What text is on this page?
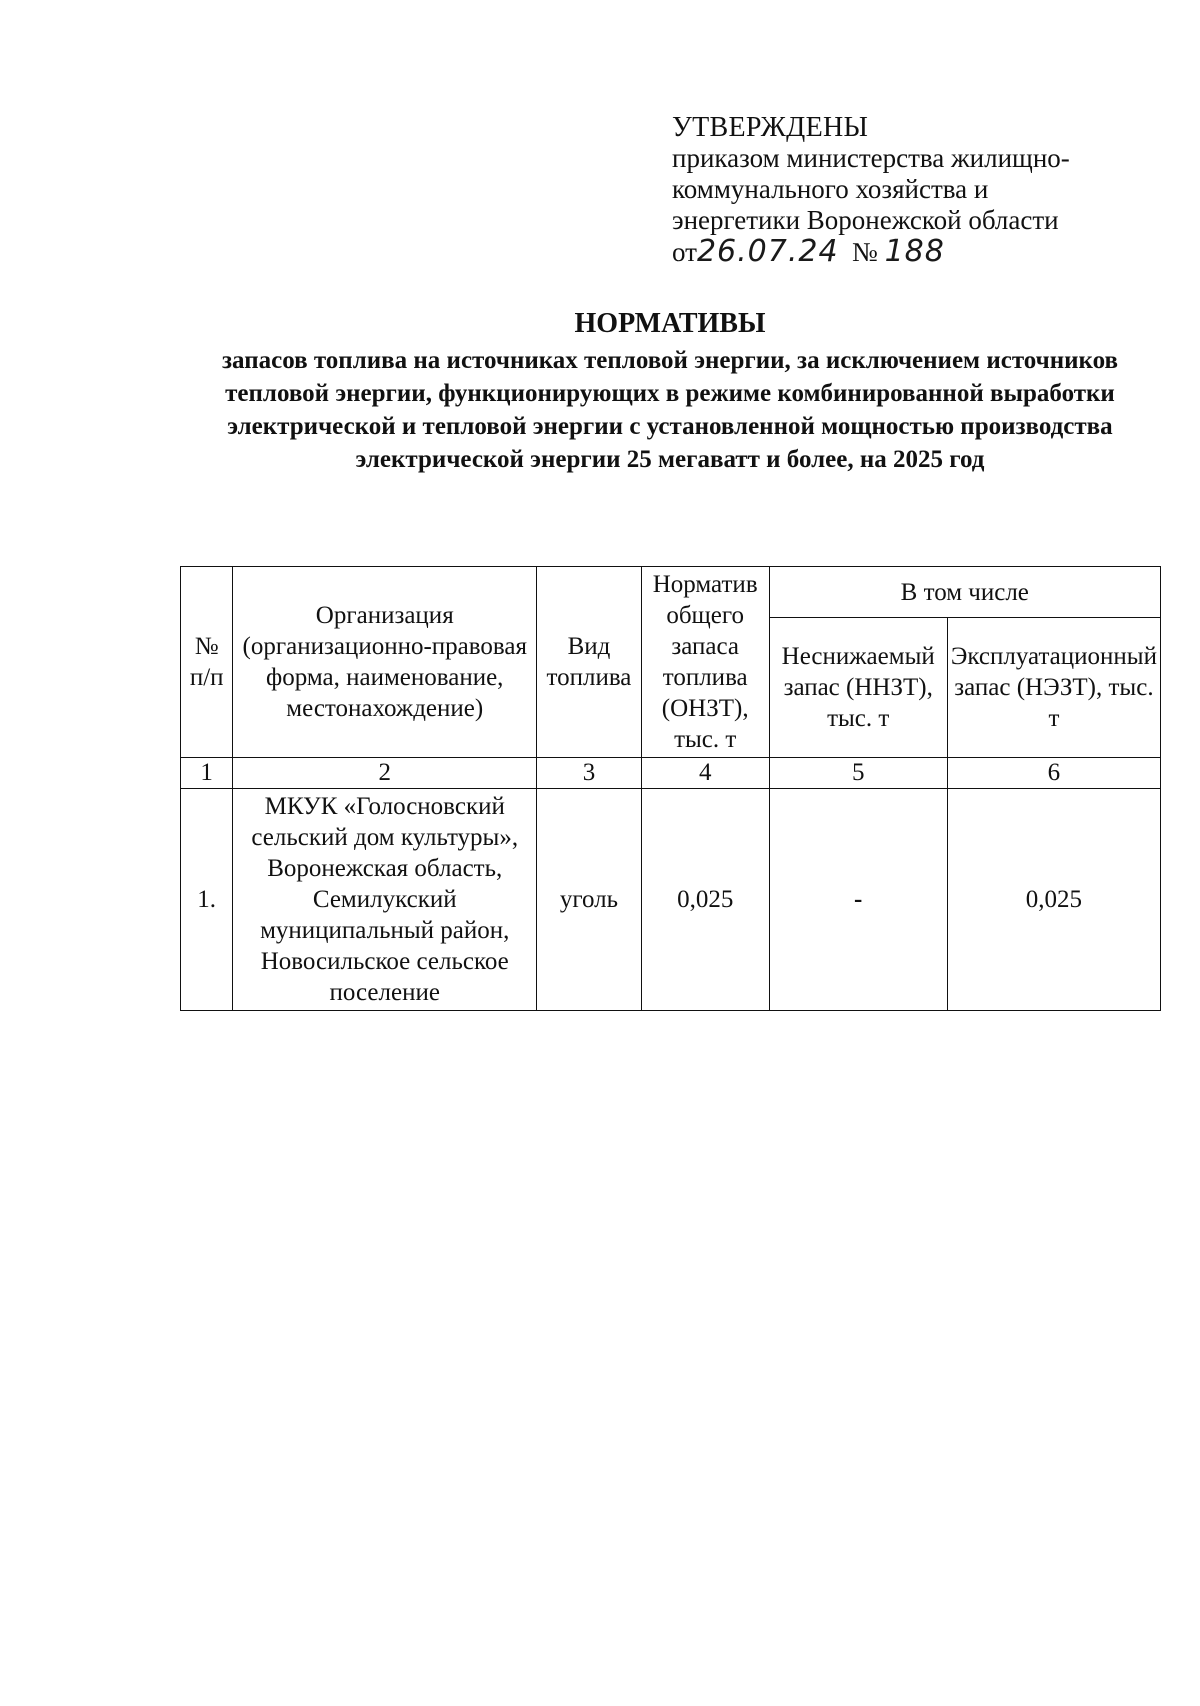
УТВЕРЖДЕНЫ
приказом министерства жилищно-
коммунального хозяйства и
энергетики Воронежской области
от26.07.24 № 188
НОРМАТИВЫ
запасов топлива на источниках тепловой энергии, за исключением источников тепловой энергии, функционирующих в режиме комбинированной выработки электрической и тепловой энергии с установленной мощностью производства электрической энергии 25 мегаватт и более, на 2025 год
№ п/п	Организация (организационно-правовая форма, наименование, местонахождение)	Вид топлива	Норматив общего запаса топлива (ОНЗТ), тыс. т	В том числе	
				Неснижаемый запас (ННЗТ), тыс. т	Эксплуатационный запас (НЭЗТ), тыс. т
1	2	3	4	5	6
1.	МКУК «Голосновский сельский дом культуры», Воронежская область, Семилукский муниципальный район, Новосильское сельское поселение	уголь	0,025	-	0,025
